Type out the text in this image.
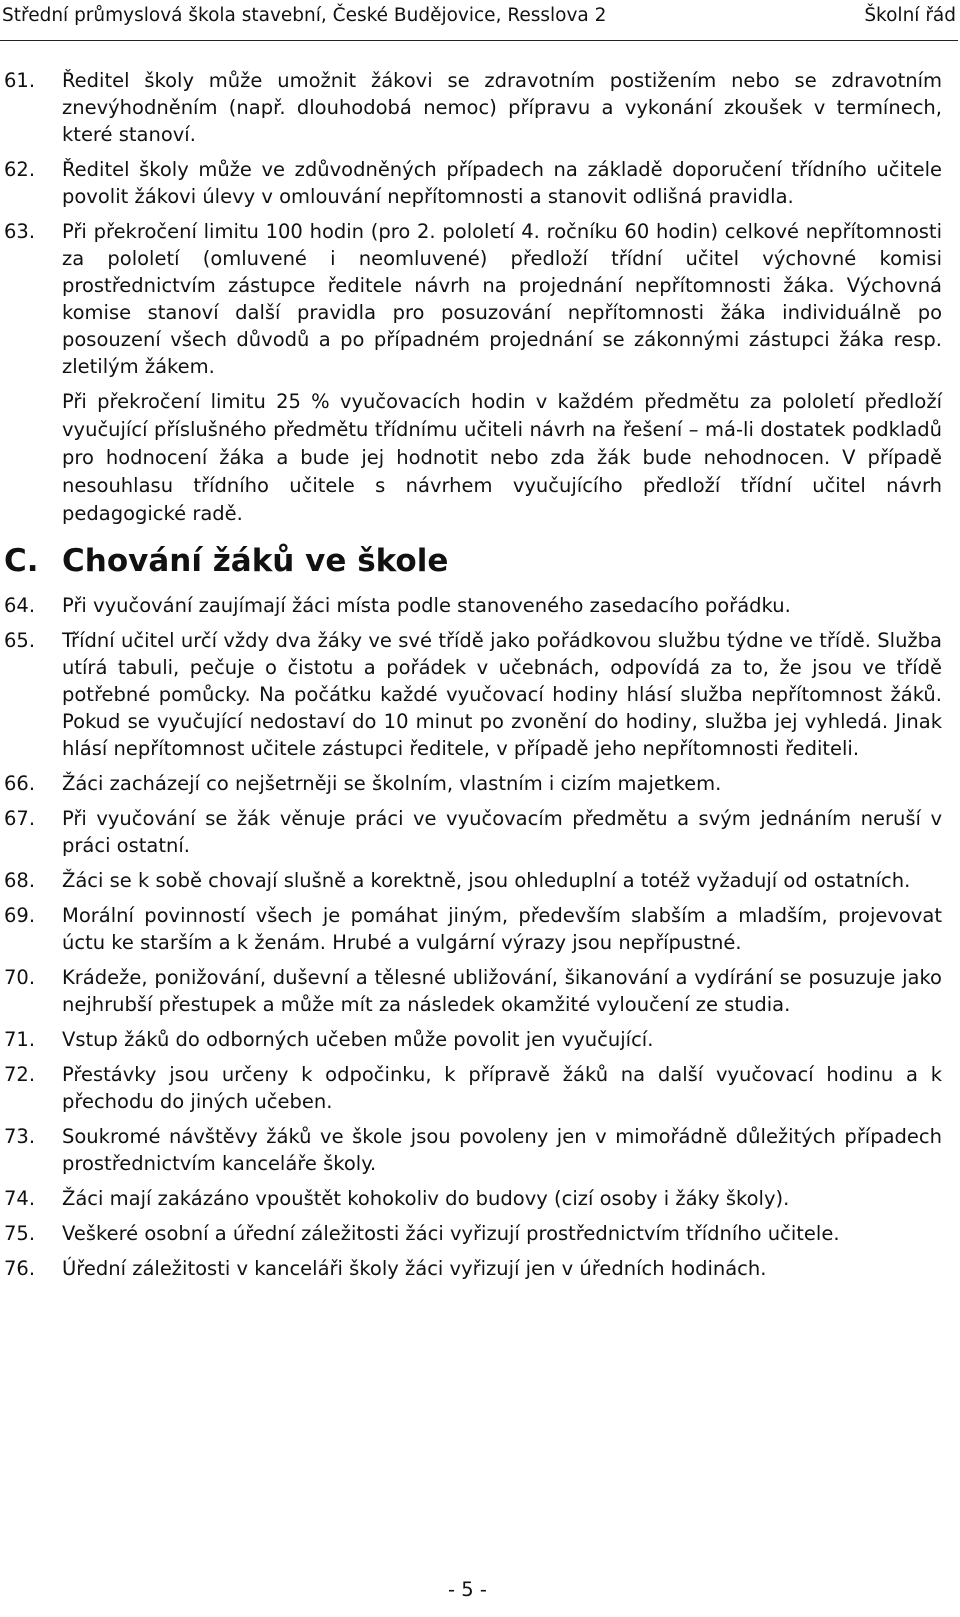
Střední průmyslová škola stavební, České Budějovice, Resslova 2	Školní řád
61.	Ředitel školy může umožnit žákovi se zdravotním postižením nebo se zdravotním znevýhodněním (např. dlouhodobá nemoc) přípravu a vykonání zkoušek v termínech, které stanoví.

62.	Ředitel školy může ve zdůvodněných případech na základě doporučení třídního učitele povolit žákovi úlevy v omlouvání nepřítomnosti a stanovit odlišná pravidla.

63.	Při překročení limitu 100 hodin (pro 2. pololetí 4. ročníku 60 hodin) celkové nepřítomnosti za pololetí (omluvené i neomluvené) předloží třídní učitel výchovné komisi prostřednictvím zástupce ředitele návrh na projednání nepřítomnosti žáka. Výchovná komise stanoví další pravidla pro posuzování nepřítomnosti žáka individuálně po posouzení všech důvodů a po případném projednání se zákonnými zástupci žáka resp. zletilým žákem.

Při překročení limitu 25 % vyučovacích hodin v každém předmětu za pololetí předloží vyučující příslušného předmětu třídnímu učiteli návrh na řešení – má-li dostatek podkladů pro hodnocení žáka a bude jej hodnotit nebo zda žák bude nehodnocen. V případě nesouhlasu třídního učitele s návrhem vyučujícího předloží třídní učitel návrh pedagogické radě.

C. Chování žáků ve škole
64.	Při vyučování zaujímají žáci místa podle stanoveného zasedacího pořádku.

65.	Třídní učitel určí vždy dva žáky ve své třídě jako pořádkovou službu týdne ve třídě. Služba utírá tabuli, pečuje o čistotu a pořádek v učebnách, odpovídá za to, že jsou ve třídě potřebné pomůcky. Na počátku každé vyučovací hodiny hlásí služba nepřítomnost žáků. Pokud se vyučující nedostaví do 10 minut po zvonění do hodiny, služba jej vyhledá. Jinak hlásí nepřítomnost učitele zástupci ředitele, v případě jeho nepřítomnosti řediteli.

66.	Žáci zacházejí co nejšetrněji se školním, vlastním i cizím majetkem.

67.	Při vyučování se žák věnuje práci ve vyučovacím předmětu a svým jednáním neruší v práci ostatní.

68.	Žáci se k sobě chovají slušně a korektně, jsou ohleduplní a totéž vyžadují od ostatních.

69.	Morální povinností všech je pomáhat jiným, především slabším a mladším, projevovat úctu ke starším a k ženám. Hrubé a vulgární výrazy jsou nepřípustné.

70.	Krádeže, ponižování, duševní a tělesné ubližování, šikanování a vydírání se posuzuje jako nejhrubší přestupek a může mít za následek okamžité vyloučení ze studia.

71.	Vstup žáků do odborných učeben může povolit jen vyučující.

72.	Přestávky jsou určeny k odpočinku, k přípravě žáků na další vyučovací hodinu a k přechodu do jiných učeben.

73.	Soukromé návštěvy žáků ve škole jsou povoleny jen v mimořádně důležitých případech prostřednictvím kanceláře školy.

74.	Žáci mají zakázáno vpouštět kohokoliv do budovy (cizí osoby i žáky školy).

75.	Veškeré osobní a úřední záležitosti žáci vyřizují prostřednictvím třídního učitele.

76.	Úřední záležitosti v kanceláři školy žáci vyřizují jen v úředních hodinách.

- 5 -
